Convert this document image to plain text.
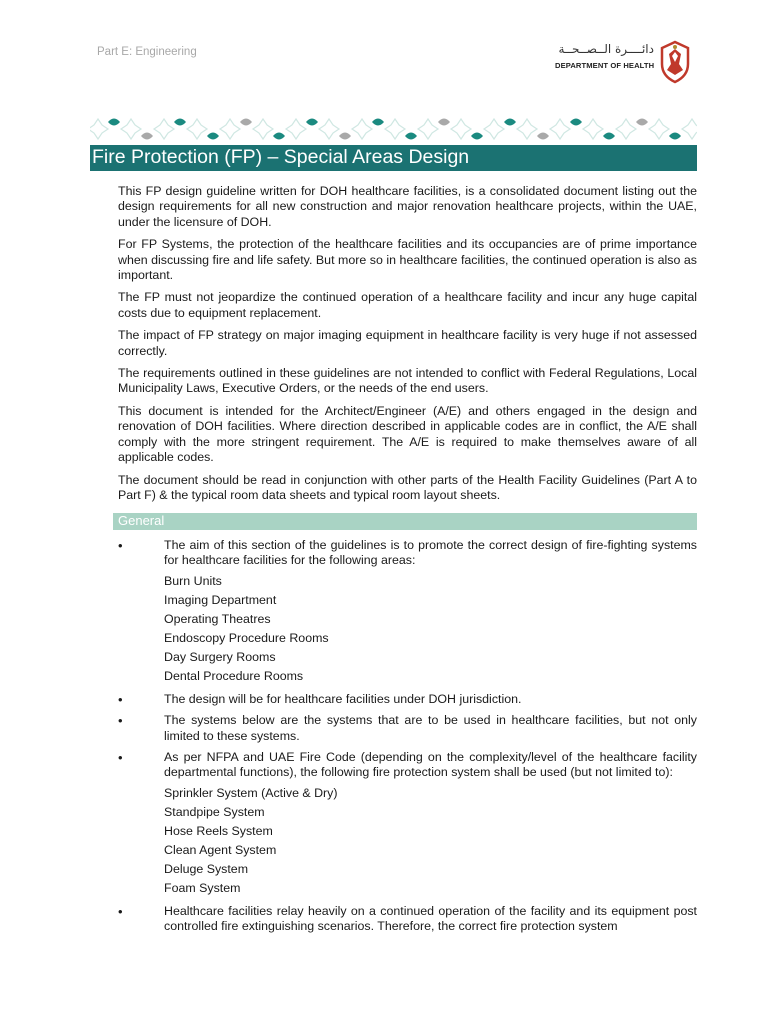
Part E: Engineering	دائــــرة الــصــحــة
DEPARTMENT OF HEALTH
Fire Protection (FP) – Special Areas Design

This FP design guideline written for DOH healthcare facilities, is a consolidated document listing out the design requirements for all new construction and major renovation healthcare projects, within the UAE, under the licensure of DOH.

For FP Systems, the protection of the healthcare facilities and its occupancies are of prime importance when discussing fire and life safety. But more so in healthcare facilities, the continued operation is also as important.

The FP must not jeopardize the continued operation of a healthcare facility and incur any huge capital costs due to equipment replacement.

The impact of FP strategy on major imaging equipment in healthcare facility is very huge if not assessed correctly.

The requirements outlined in these guidelines are not intended to conflict with Federal Regulations, Local Municipality Laws, Executive Orders, or the needs of the end users.

This document is intended for the Architect/Engineer (A/E) and others engaged in the design and renovation of DOH facilities. Where direction described in applicable codes are in conflict, the A/E shall comply with the more stringent requirement. The A/E is required to make themselves aware of all applicable codes.

The document should be read in conjunction with other parts of the Health Facility Guidelines (Part A to Part F) & the typical room data sheets and typical room layout sheets.

General
•	The aim of this section of the guidelines is to promote the correct design of fire-fighting systems for healthcare facilities for the following areas:

Burn Units
Imaging Department
Operating Theatres
Endoscopy Procedure Rooms
Day Surgery Rooms
Dental Procedure Rooms
•	The design will be for healthcare facilities under DOH jurisdiction.

•	The systems below are the systems that are to be used in healthcare facilities, but not only limited to these systems.

•	As per NFPA and UAE Fire Code (depending on the complexity/level of the healthcare facility departmental functions), the following fire protection system shall be used (but not limited to):

Sprinkler System (Active & Dry)
Standpipe System
Hose Reels System
Clean Agent System
Deluge System
Foam System
•	Healthcare facilities relay heavily on a continued operation of the facility and its equipment post controlled fire extinguishing scenarios. Therefore, the correct fire protection system
